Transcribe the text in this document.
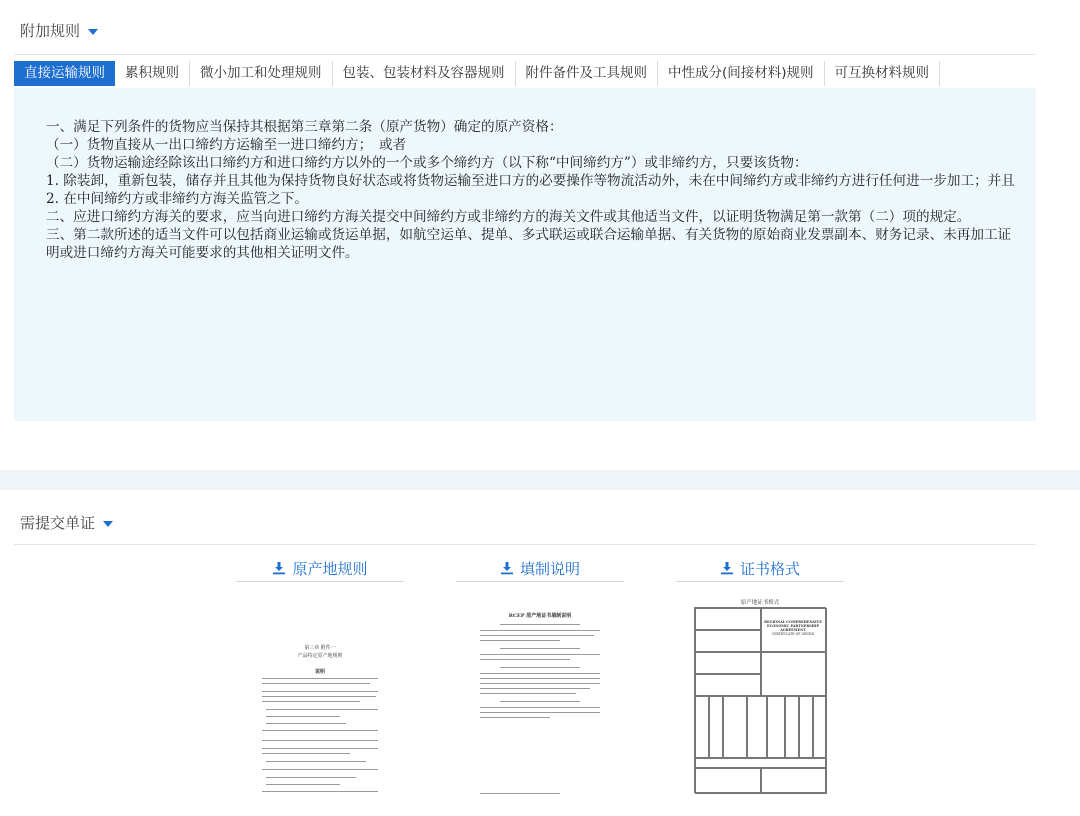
附加规则
直接运输规则	累积规则	微小加工和处理规则	包装、包装材料及容器规则	附件备件及工具规则	中性成分(间接材料)规则	可互换材料规则

一、满足下列条件的货物应当保持其根据第三章第二条（原产货物）确定的原产资格：

（一）货物直接从一出口缔约方运输至一进口缔约方；　或者

（二）货物运输途经除该出口缔约方和进口缔约方以外的一个或多个缔约方（以下称“中间缔约方”）或非缔约方，只要该货物：

1. 除装卸，重新包装，储存并且其他为保持货物良好状态或将货物运输至进口方的必要操作等物流活动外，未在中间缔约方或非缔约方进行任何进一步加工；并且

2. 在中间缔约方或非缔约方海关监管之下。

二、应进口缔约方海关的要求，应当向进口缔约方海关提交中间缔约方或非缔约方的海关文件或其他适当文件，以证明货物满足第一款第（二）项的规定。

三、第二款所述的适当文件可以包括商业运输或货运单据，如航空运单、提单、多式联运或联合运输单据、有关货物的原始商业发票副本、财务记录、未再加工证明或进口缔约方海关可能要求的其他相关证明文件。

需提交单证
原产地规则
第三章 附件一
产品特定原产地规则
说明
填制说明
RCEP 原产地证书填制说明
证书格式
原产地证书格式
REGIONAL COMPREHENSIVE ECONOMIC PARTNERSHIP AGREEMENT
CERTIFICATE OF ORIGIN
